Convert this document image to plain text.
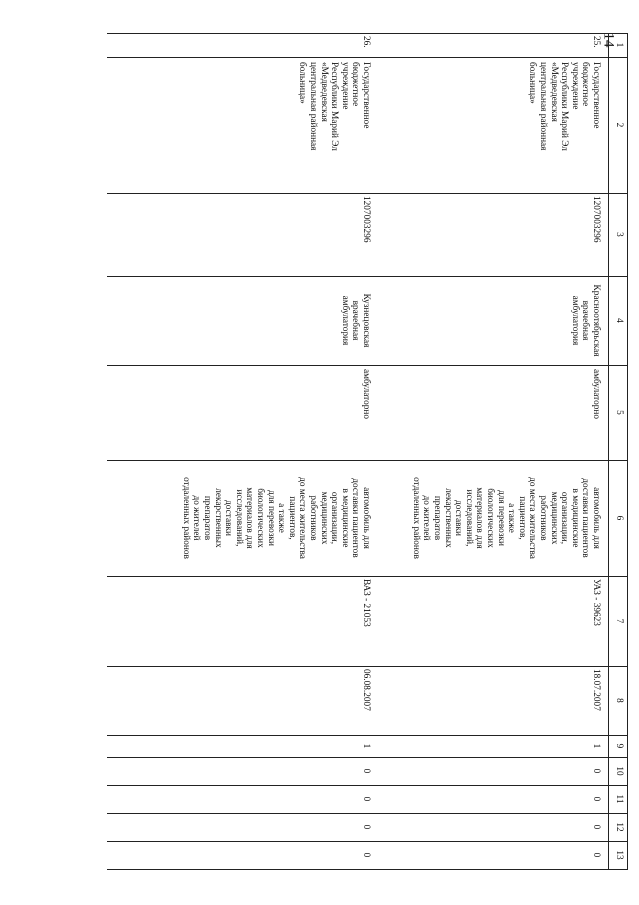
14
1
2
3
4
5
6
7
8
9
10
11
12
13
25.
Государственное
бюджетное
учреждение
Республики Марий Эл
«Медведевская
центральная районная
больница»
1207003296
Красноотябрьская
врачебная
амбулатория
амбулаторно
автомобиль для
доставки пациентов
в медицинские
организации,
медицинских
работников
до места жительства
пациентов,
а также
для перевозки
биологических
материалов для
исследований,
доставки
лекарственных
препаратов
до жителей
отдаленных районов
УАЗ - 39623
18.07.2007
1
0
0
0
0
26.
Государственное
бюджетное
учреждение
Республики Марий Эл
«Медведевская
центральная районная
больница»
1207003296
Кузнецовская
врачебная
амбулатория
амбулаторно
автомобиль для
доставки пациентов
в медицинские
организации,
медицинских
работников
до места жительства
пациентов,
а также
для перевозки
биологических
материалов для
исследований,
доставки
лекарственных
препаратов
до жителей
отдаленных районов
ВАЗ - 21053
06.08.2007
1
0
0
0
0
